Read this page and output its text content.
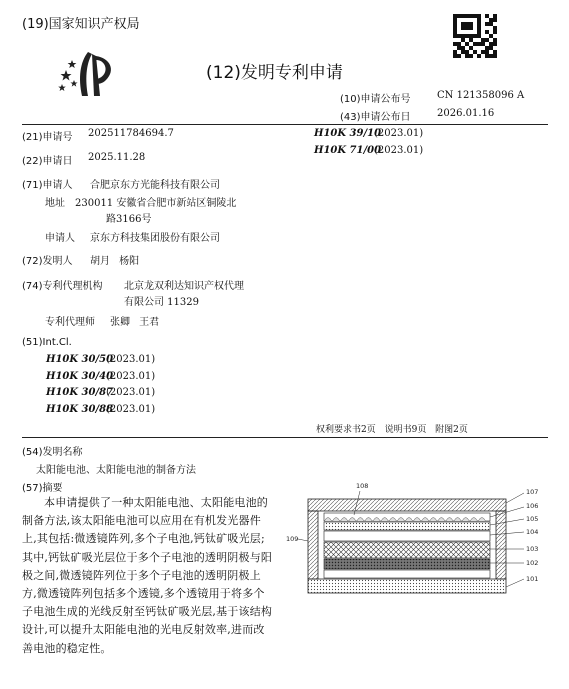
(19)国家知识产权局
(12)发明专利申请
(10)申请公布号	CN 121358096 A
(43)申请公布日	2026.01.16
(21)申请号 202511784694.7
(22)申请日 2025.11.28
(71)申请人 合肥京东方光能科技有限公司
地址 230011 安徽省合肥市新站区铜陵北
路3166号
申请人 京东方科技集团股份有限公司
(72)发明人 胡月 杨阳
(74)专利代理机构 北京龙双利达知识产权代理
有限公司 11329
专利代理师 张卿 王君
(51)Int.Cl.
H10K 30/50
(2023.01)
H10K 30/40
(2023.01)
H10K 30/87
(2023.01)
H10K 30/88
(2023.01)
H10K 39/10
(2023.01)
H10K 71/00
(2023.01)
权利要求书2页 说明书9页 附图2页
(54)发明名称
太阳能电池、太阳能电池的制备方法
(57)摘要
本申请提供了一种太阳能电池、太阳能电池的制备方法,该太阳能电池可以应用在有机发光器件上,其包括:微透镜阵列,多个子电池,钙钛矿吸光层;其中,钙钛矿吸光层位于多个子电池的透明阴极与阳极之间,微透镜阵列位于多个子电池的透明阴极上方,微透镜阵列包括多个透镜,多个透镜用于将多个子电池生成的光线反射至钙钛矿吸光层,基于该结构设计,可以提升太阳能电池的光电反射效率,进而改善电池的稳定性。
108
107
106
105
104
103
102
101
109
